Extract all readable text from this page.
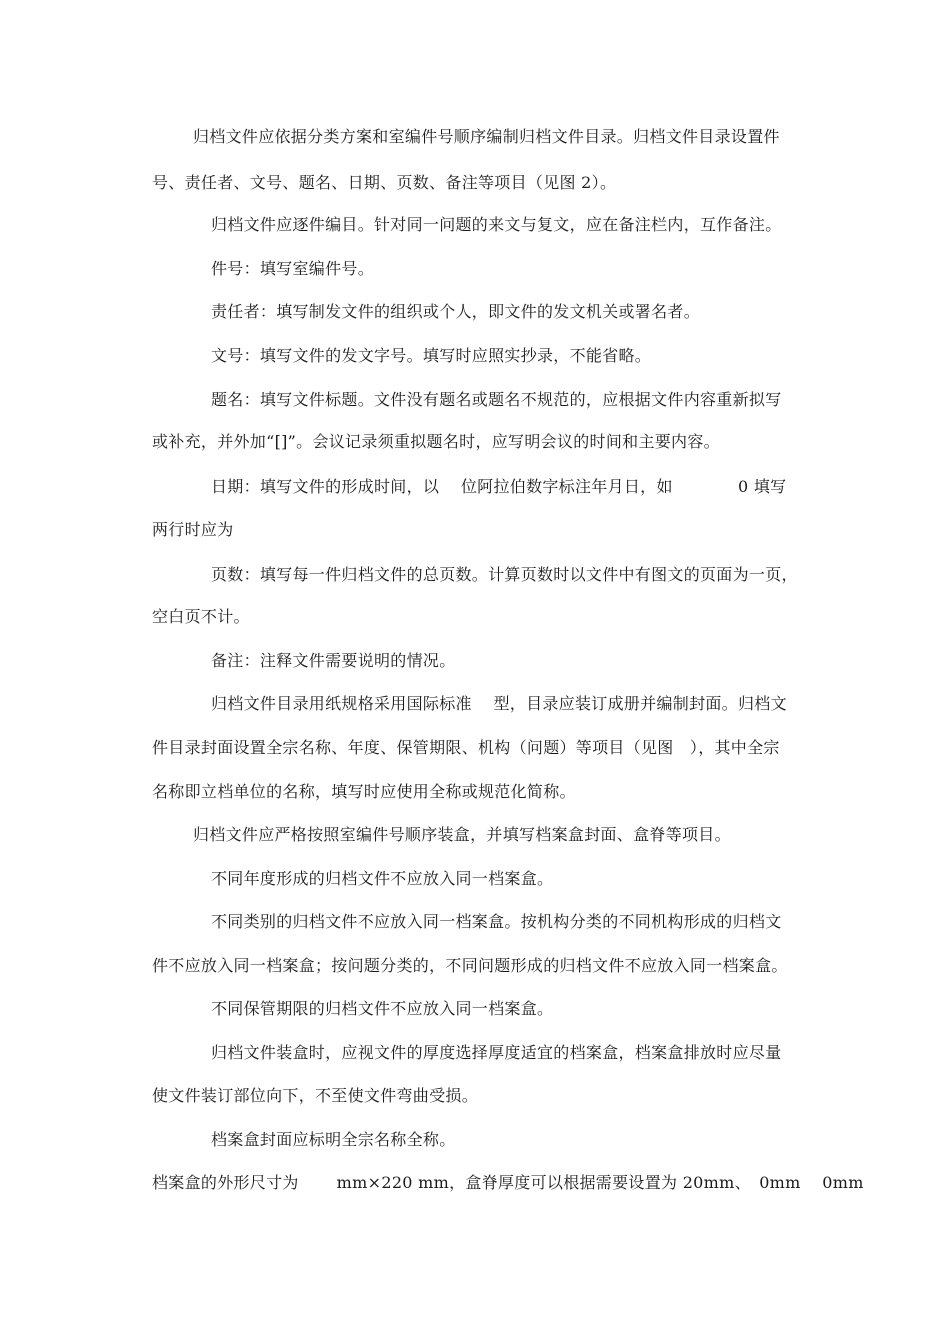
归档文件应依据分类方案和室编件号顺序编制归档文件目录。归档文件目录设置件
号、责任者、文号、题名、日期、页数、备注等项目（见图 2）。
归档文件应逐件编目。针对同一问题的来文与复文，应在备注栏内，互作备注。
件号：填写室编件号。
责任者：填写制发文件的组织或个人，即文件的发文机关或署名者。
文号：填写文件的发文字号。填写时应照实抄录，不能省略。
题名：填写文件标题。文件没有题名或题名不规范的，应根据文件内容重新拟写
或补充，并外加“[]”。会议记录须重拟题名时，应写明会议的时间和主要内容。
日期：填写文件的形成时间，以　 位阿拉伯数字标注年月日，如　　　　0 填写
两行时应为
页数：填写每一件归档文件的总页数。计算页数时以文件中有图文的页面为一页，
空白页不计。
备注：注释文件需要说明的情况。
归档文件目录用纸规格采用国际标准　 型，目录应装订成册并编制封面。归档文
件目录封面设置全宗名称、年度、保管期限、机构（问题）等项目（见图　），其中全宗
名称即立档单位的名称，填写时应使用全称或规范化简称。
归档文件应严格按照室编件号顺序装盒，并填写档案盒封面、盒脊等项目。
不同年度形成的归档文件不应放入同一档案盒。
不同类别的归档文件不应放入同一档案盒。按机构分类的不同机构形成的归档文
件不应放入同一档案盒；按问题分类的，不同问题形成的归档文件不应放入同一档案盒。
不同保管期限的归档文件不应放入同一档案盒。
归档文件装盒时，应视文件的厚度选择厚度适宜的档案盒，档案盒排放时应尽量
使文件装订部位向下，不至使文件弯曲受损。
档案盒封面应标明全宗名称全称。
档案盒的外形尺寸为　　 mm×220 mm，盒脊厚度可以根据需要设置为 20mm、　0mm　 0mm
